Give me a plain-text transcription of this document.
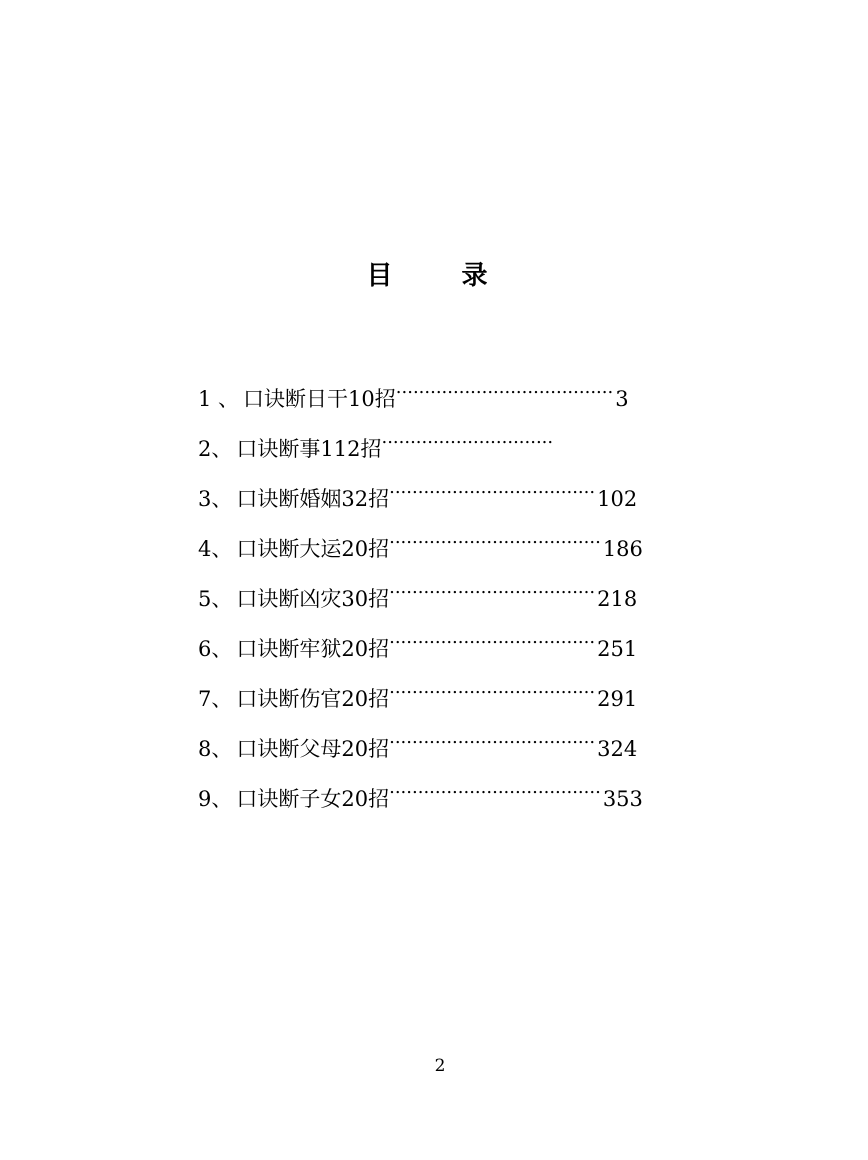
目 录
1 、 口诀断日干10招......................................3
2、 口诀断事112招..............................
3、 口诀断婚姻32招....................................102
4、 口诀断大运20招.....................................186
5、 口诀断凶灾30招....................................218
6、 口诀断牢狱20招....................................251
7、 口诀断伤官20招....................................291
8、 口诀断父母20招....................................324
9、 口诀断子女20招.....................................353
2
